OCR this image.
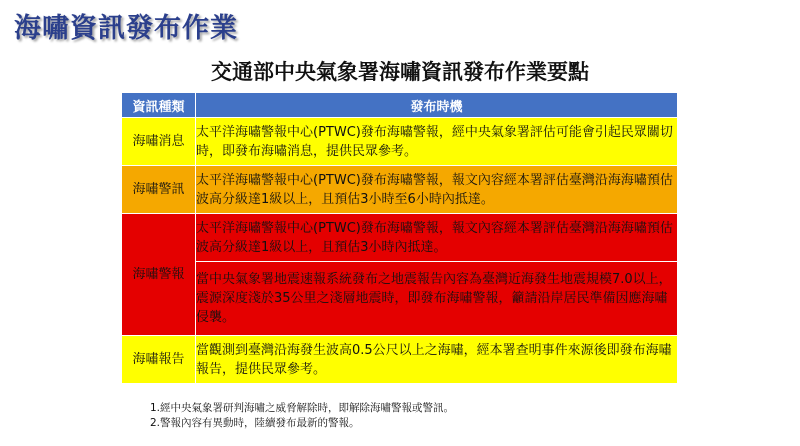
海嘯資訊發布作業
交通部中央氣象署海嘯資訊發布作業要點
資訊種類	發布時機
海嘯消息	太平洋海嘯警報中心(PTWC)發布海嘯警報，經中央氣象署評估可能會引起民眾關切時，即發布海嘯消息，提供民眾參考。

海嘯警訊	太平洋海嘯警報中心(PTWC)發布海嘯警報，報文內容經本署評估臺灣沿海海嘯預估波高分級達1級以上，且預估3小時至6小時內抵達。

海嘯警報	太平洋海嘯警報中心(PTWC)發布海嘯警報，報文內容經本署評估臺灣沿海海嘯預估波高分級達1級以上，且預估3小時內抵達。

	當中央氣象署地震速報系統發布之地震報告內容為臺灣近海發生地震規模7.0以上，震源深度淺於35公里之淺層地震時，即發布海嘯警報，籲請沿岸居民準備因應海嘯侵襲。

海嘯報告	當觀測到臺灣沿海發生波高0.5公尺以上之海嘯，經本署查明事件來源後即發布海嘯報告，提供民眾參考。
1.經中央氣象署研判海嘯之威脅解除時，即解除海嘯警報或警訊。
2.警報內容有異動時，陸續發布最新的警報。
